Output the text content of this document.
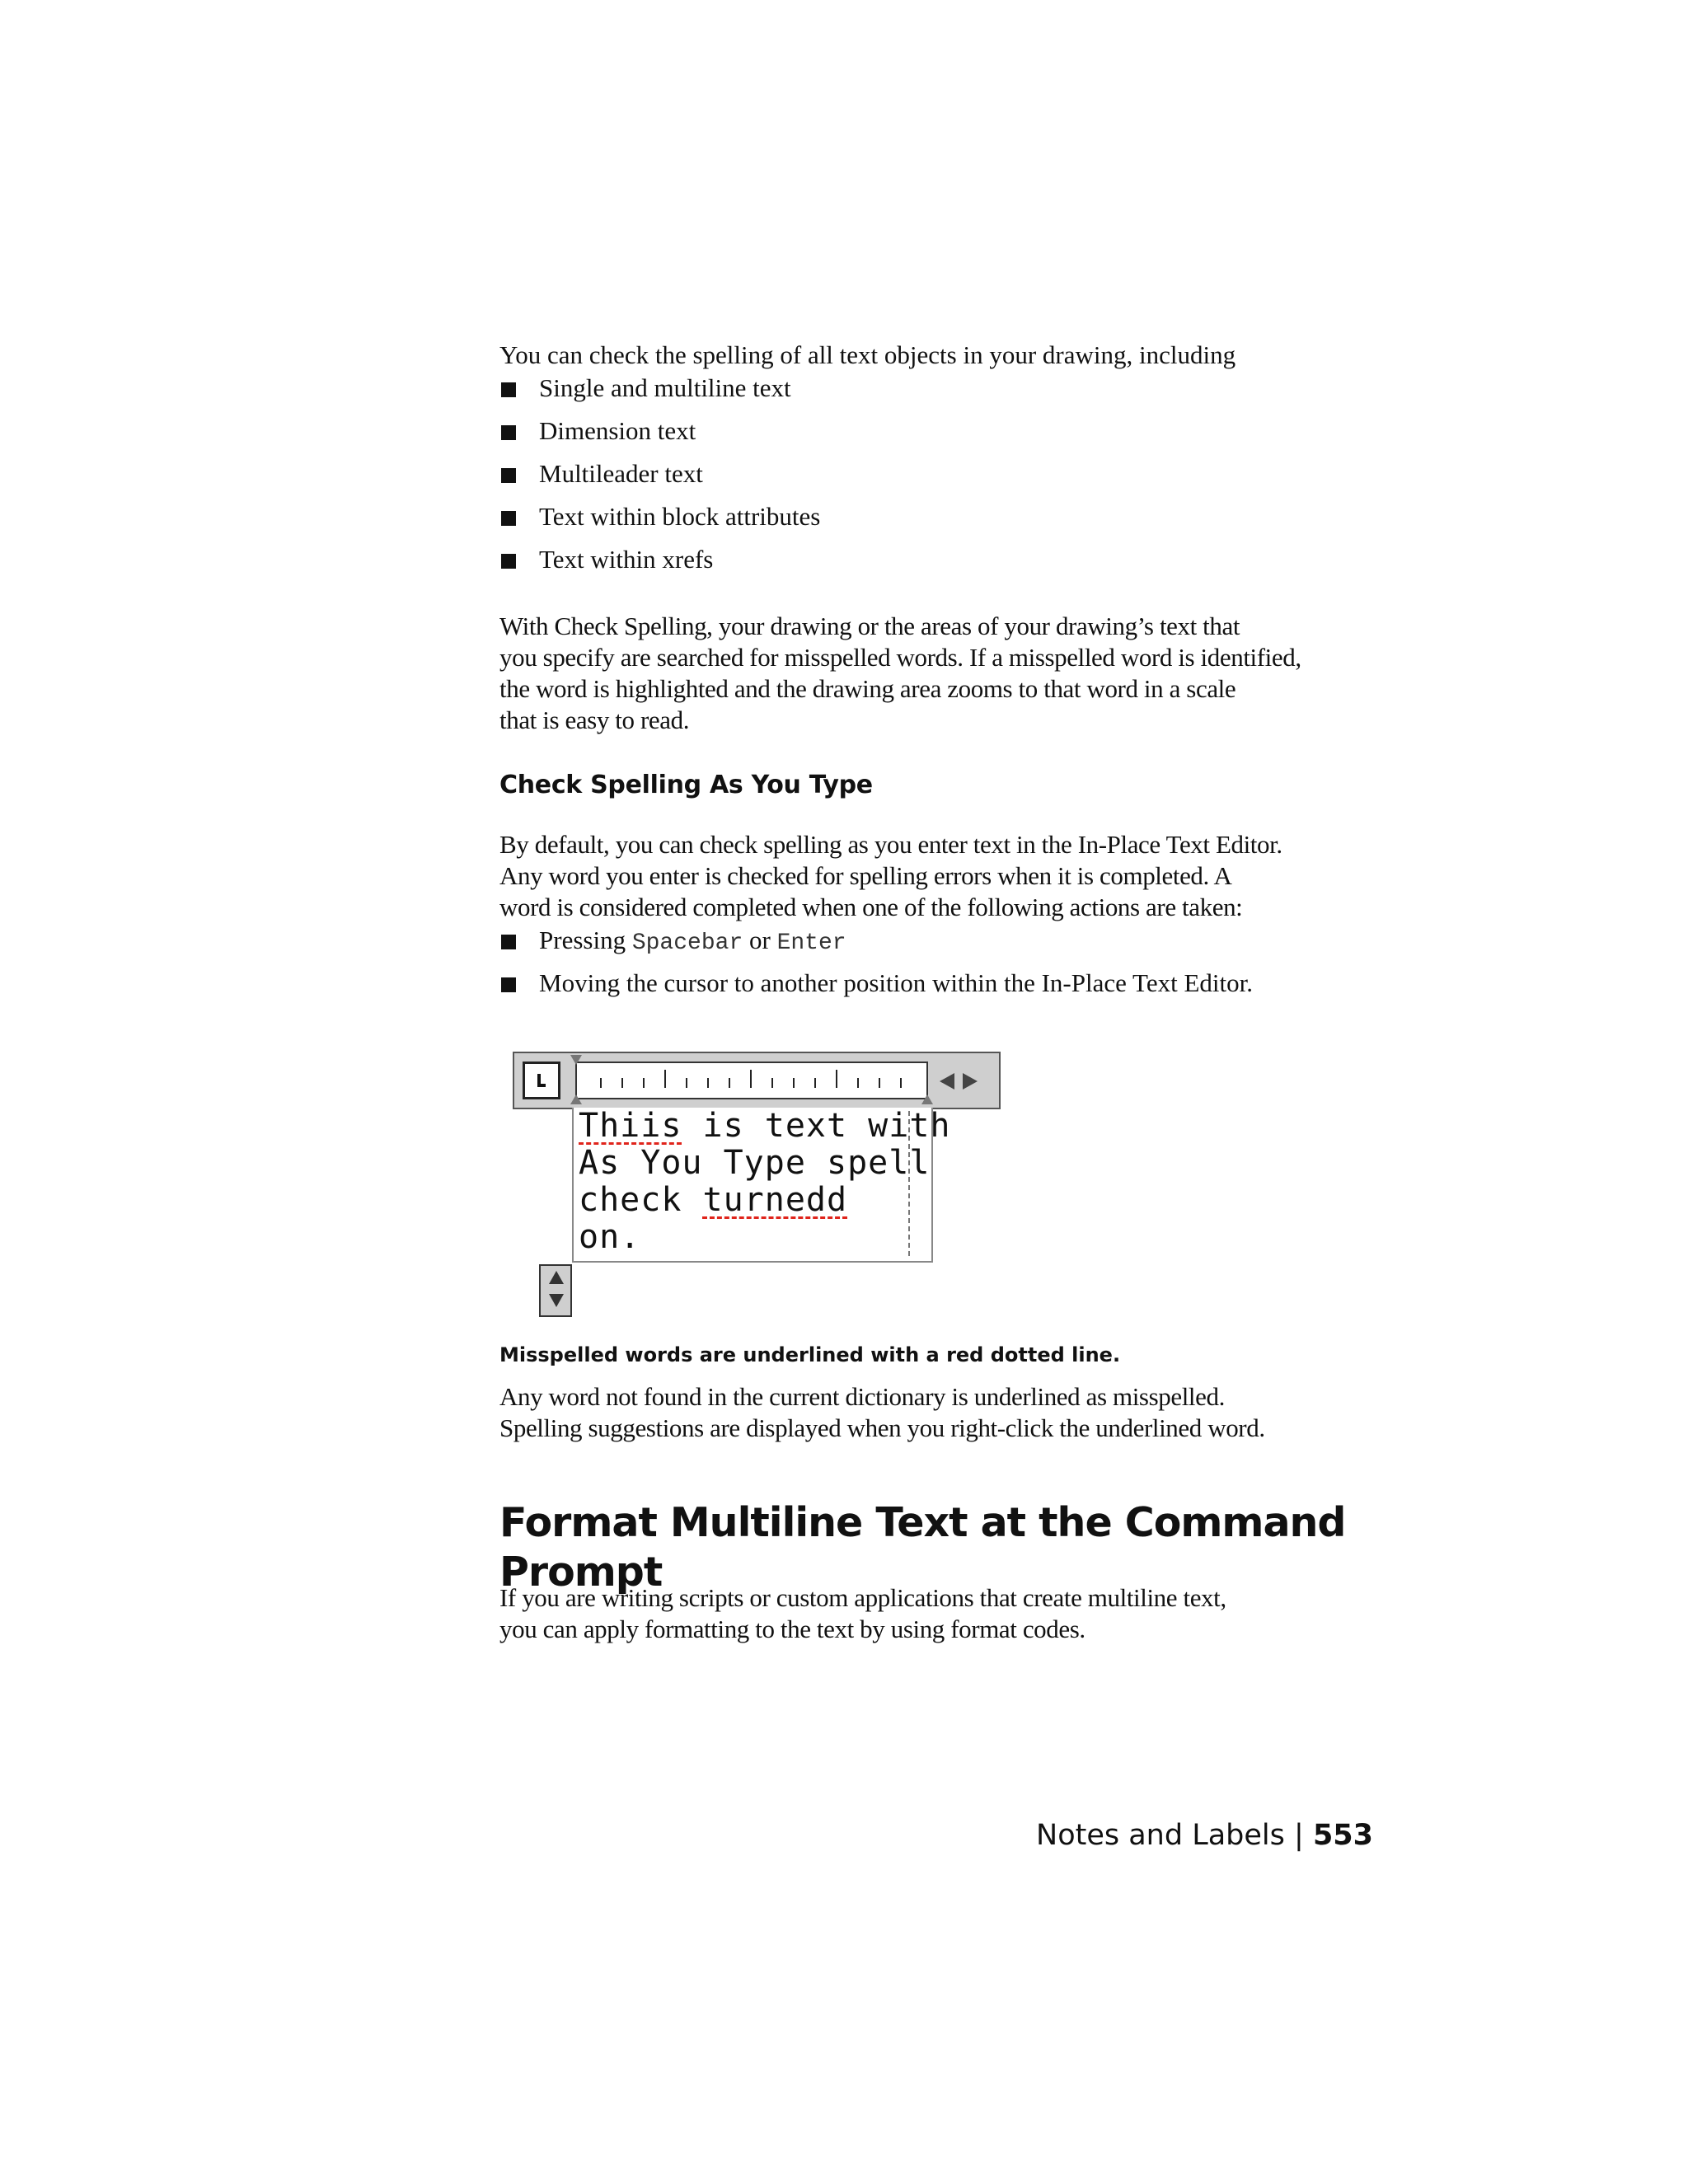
You can check the spelling of all text objects in your drawing, including

Single and multiline text
Dimension text
Multileader text
Text within block attributes
Text within xrefs
With Check Spelling, your drawing or the areas of your drawing’s text that
you specify are searched for misspelled words. If a misspelled word is identified,
the word is highlighted and the drawing area zooms to that word in a scale
that is easy to read.
Check Spelling As You Type
By default, you can check spelling as you enter text in the In-Place Text Editor.
Any word you enter is checked for spelling errors when it is completed. A
word is considered completed when one of the following actions are taken:
Pressing Spacebar or Enter
Moving the cursor to another position within the In-Place Text Editor.
Thiis is text with
As You Type spell
check turnedd
on.
Misspelled words are underlined with a red dotted line.
Any word not found in the current dictionary is underlined as misspelled.
Spelling suggestions are displayed when you right-click the underlined word.
Format Multiline Text at the Command Prompt
If you are writing scripts or custom applications that create multiline text,
you can apply formatting to the text by using format codes.
Notes and Labels | 553
